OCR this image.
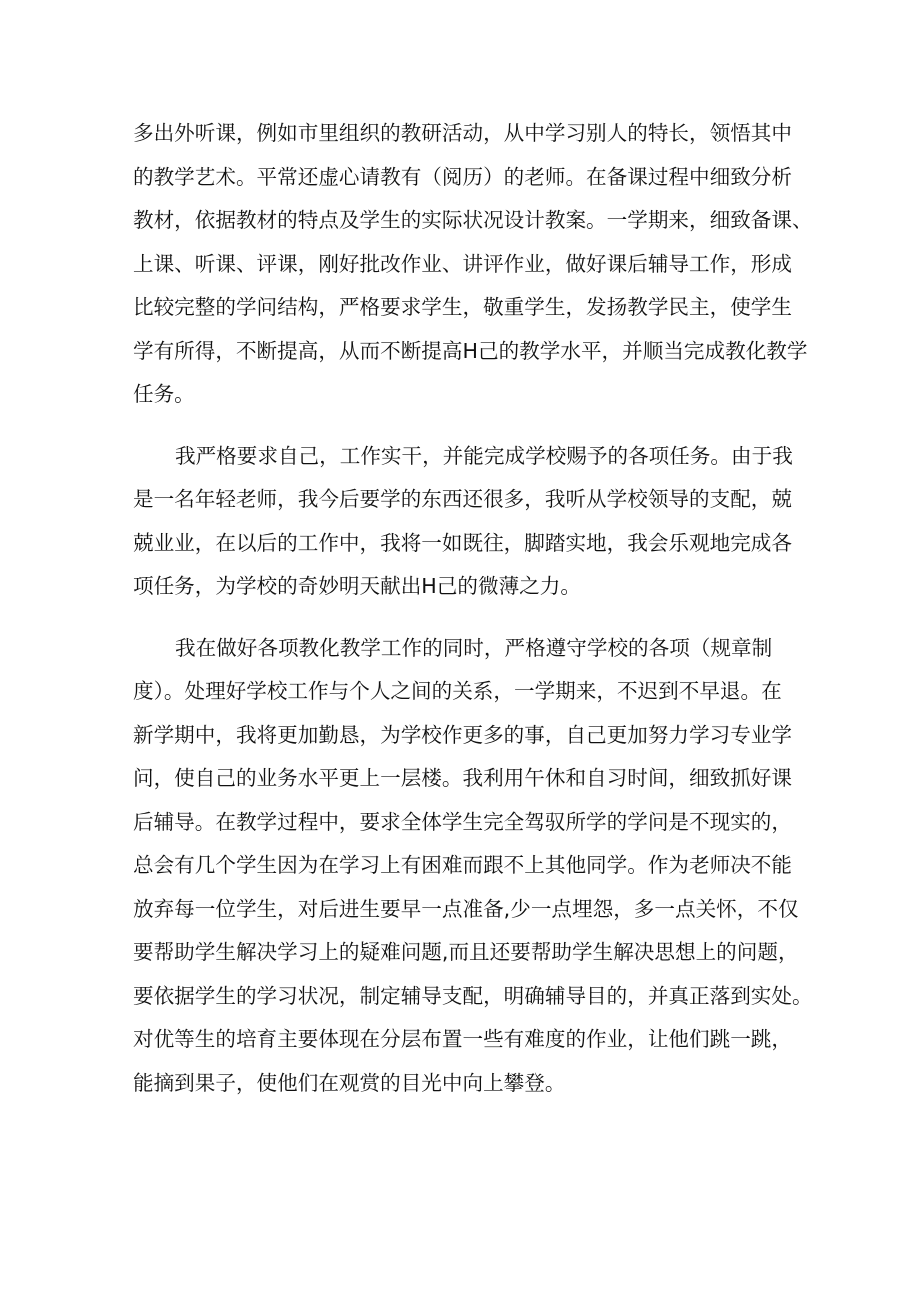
多出外听课，例如市里组织的教研活动，从中学习别人的特长，领悟其中
的教学艺术。平常还虚心请教有（阅历）的老师。在备课过程中细致分析
教材，依据教材的特点及学生的实际状况设计教案。一学期来，细致备课、
上课、听课、评课，刚好批改作业、讲评作业，做好课后辅导工作，形成
比较完整的学问结构，严格要求学生，敬重学生，发扬教学民主，使学生
学有所得，不断提高，从而不断提高H己的教学水平，并顺当完成教化教学
任务。
我严格要求自己，工作实干，并能完成学校赐予的各项任务。由于我
是一名年轻老师，我今后要学的东西还很多，我听从学校领导的支配，兢
兢业业，在以后的工作中，我将一如既往，脚踏实地，我会乐观地完成各
项任务，为学校的奇妙明天献出H己的微薄之力。
我在做好各项教化教学工作的同时，严格遵守学校的各项（规章制
度）。处理好学校工作与个人之间的关系，一学期来，不迟到不早退。在
新学期中，我将更加勤恳，为学校作更多的事，自己更加努力学习专业学
问，使自己的业务水平更上一层楼。我利用午休和自习时间，细致抓好课
后辅导。在教学过程中，要求全体学生完全驾驭所学的学问是不现实的，
总会有几个学生因为在学习上有困难而跟不上其他同学。作为老师决不能
放弃每一位学生，对后进生要早一点准备,少一点埋怨，多一点关怀，不仅
要帮助学生解决学习上的疑难问题,而且还要帮助学生解决思想上的问题，
要依据学生的学习状况，制定辅导支配，明确辅导目的，并真正落到实处。
对优等生的培育主要体现在分层布置一些有难度的作业，让他们跳一跳，
能摘到果子，使他们在观赏的目光中向上攀登。
